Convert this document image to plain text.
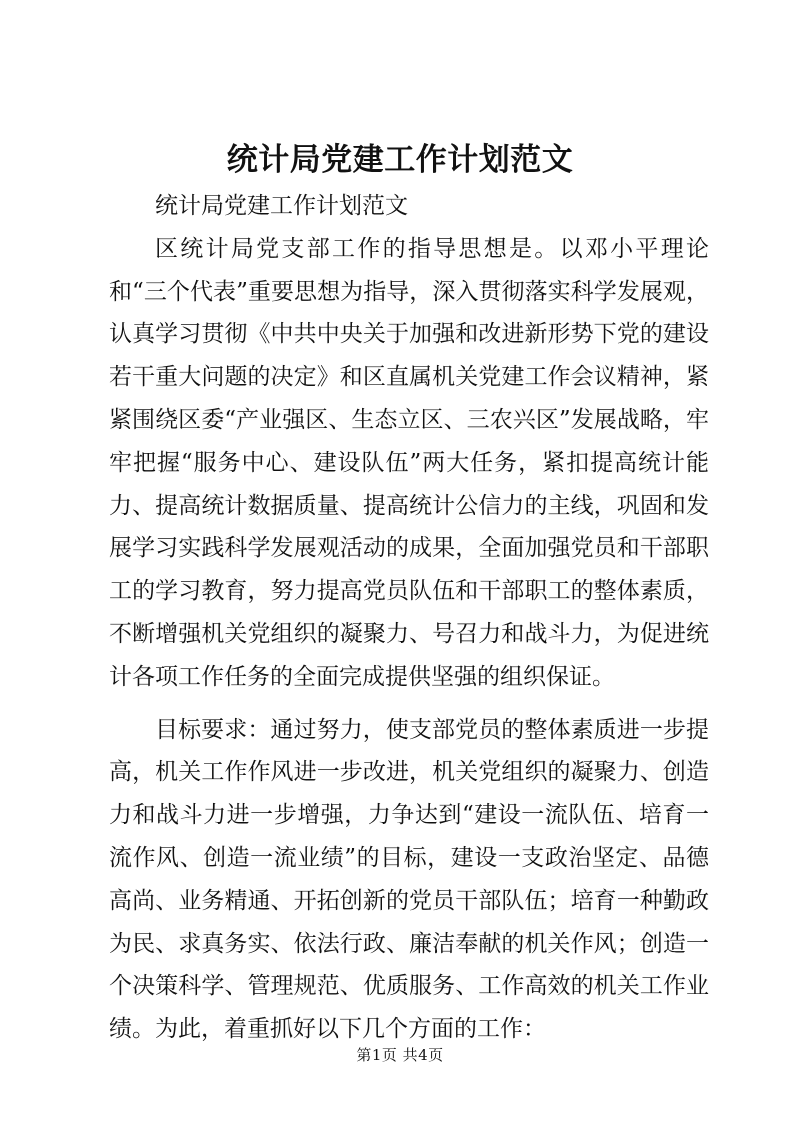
统计局党建工作计划范文

统计局党建工作计划范文

区统计局党支部工作的指导思想是。以邓小平理论和“三个代表”重要思想为指导，深入贯彻落实科学发展观，认真学习贯彻《中共中央关于加强和改进新形势下党的建设若干重大问题的决定》和区直属机关党建工作会议精神，紧紧围绕区委“产业强区、生态立区、三农兴区”发展战略，牢牢把握“服务中心、建设队伍”两大任务，紧扣提高统计能力、提高统计数据质量、提高统计公信力的主线，巩固和发展学习实践科学发展观活动的成果，全面加强党员和干部职工的学习教育，努力提高党员队伍和干部职工的整体素质，不断增强机关党组织的凝聚力、号召力和战斗力，为促进统计各项工作任务的全面完成提供坚强的组织保证。

目标要求：通过努力，使支部党员的整体素质进一步提高，机关工作作风进一步改进，机关党组织的凝聚力、创造力和战斗力进一步增强，力争达到“建设一流队伍、培育一流作风、创造一流业绩”的目标，建设一支政治坚定、品德高尚、业务精通、开拓创新的党员干部队伍；培育一种勤政为民、求真务实、依法行政、廉洁奉献的机关作风；创造一个决策科学、管理规范、优质服务、工作高效的机关工作业绩。为此，着重抓好以下几个方面的工作：

第1页 共4页
